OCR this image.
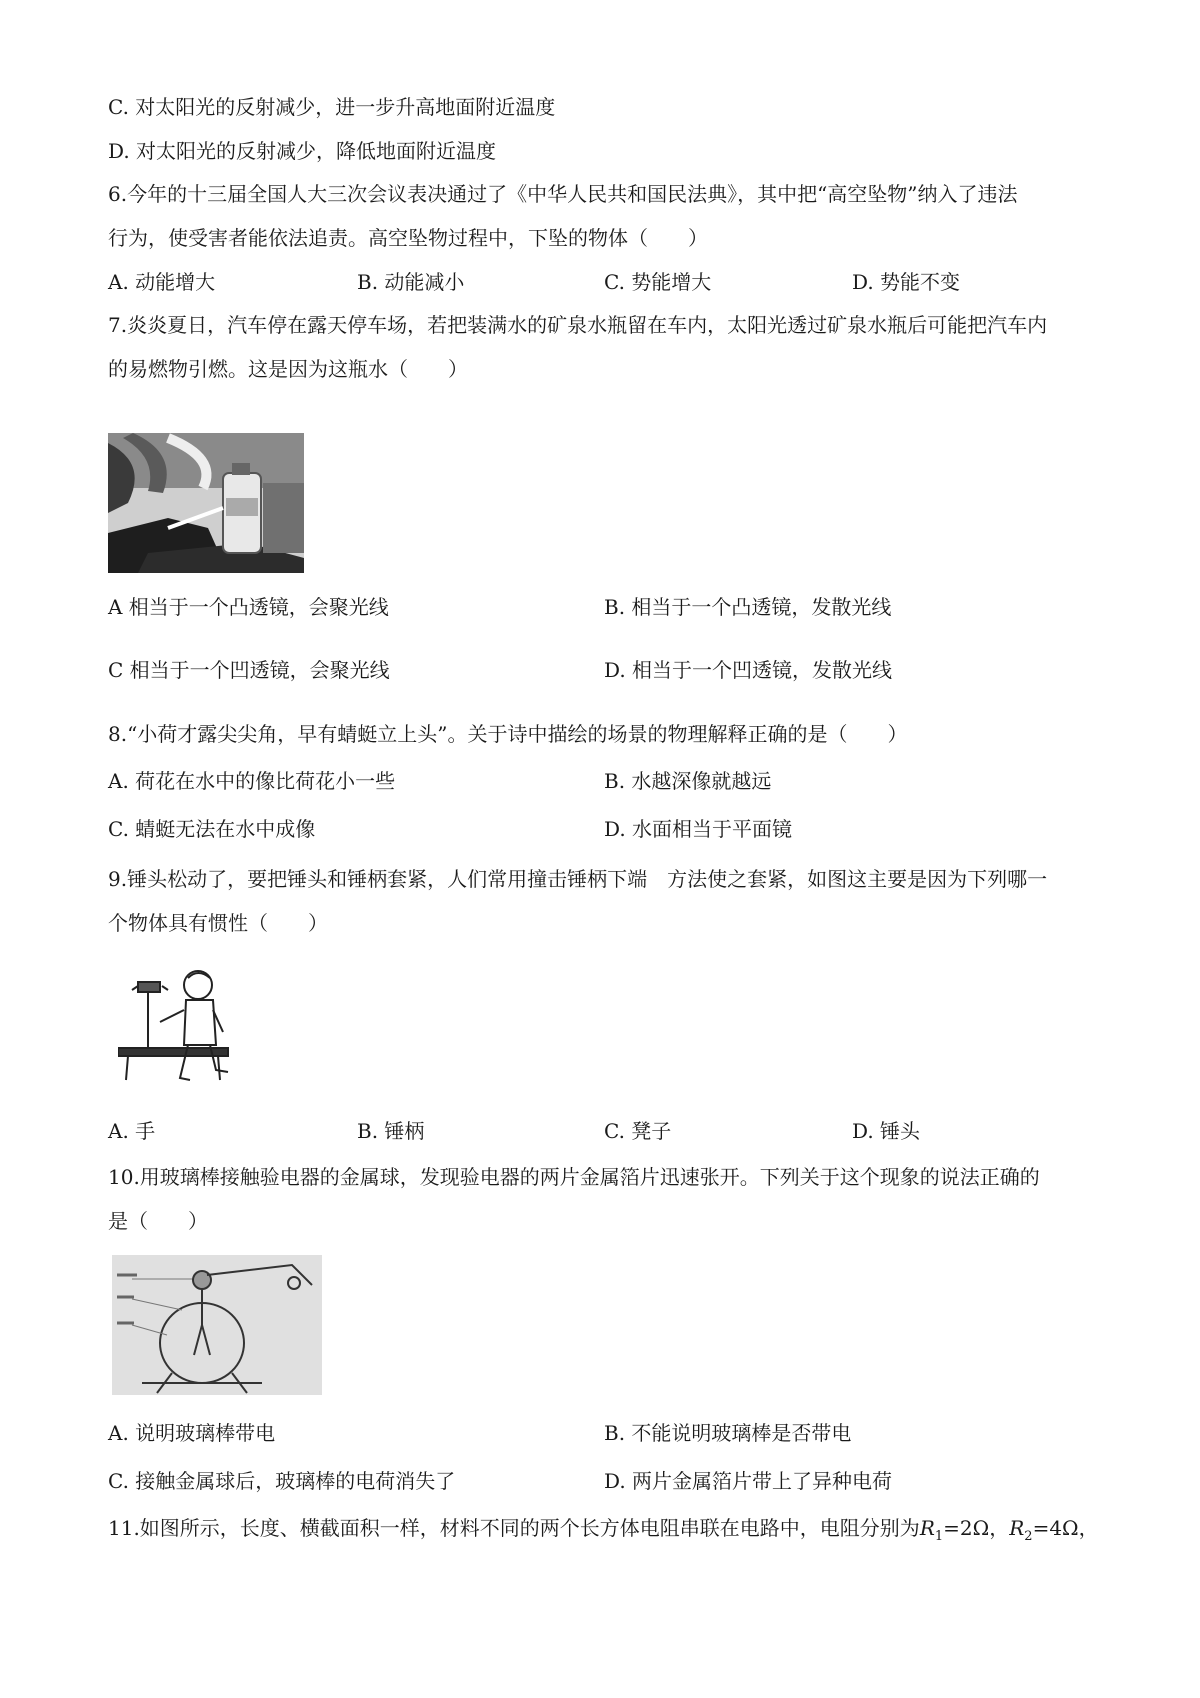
C. 对太阳光的反射减少，进一步升高地面附近温度
D. 对太阳光的反射减少，降低地面附近温度
6.今年的十三届全国人大三次会议表决通过了《中华人民共和国民法典》，其中把“高空坠物”纳入了违法
行为，使受害者能依法追责。高空坠物过程中，下坠的物体（　　）
A. 动能增大	B. 动能减小	C. 势能增大	D. 势能不变
7.炎炎夏日，汽车停在露天停车场，若把装满水的矿泉水瓶留在车内，太阳光透过矿泉水瓶后可能把汽车内
的易燃物引燃。这是因为这瓶水（　　）
A 相当于一个凸透镜，会聚光线	B. 相当于一个凸透镜，发散光线
C 相当于一个凹透镜，会聚光线	D. 相当于一个凹透镜，发散光线
8.“小荷才露尖尖角，早有蜻蜓立上头”。关于诗中描绘的场景的物理解释正确的是（　　）
A. 荷花在水中的像比荷花小一些	B. 水越深像就越远
C. 蜻蜓无法在水中成像	D. 水面相当于平面镜
9.锤头松动了，要把锤头和锤柄套紧，人们常用撞击锤柄下端　方法使之套紧，如图这主要是因为下列哪一
个物体具有惯性（　　）
A. 手	B. 锤柄	C. 凳子	D. 锤头
10.用玻璃棒接触验电器的金属球，发现验电器的两片金属箔片迅速张开。下列关于这个现象的说法正确的
是（　　）
A. 说明玻璃棒带电	B. 不能说明玻璃棒是否带电
C. 接触金属球后，玻璃棒的电荷消失了	D. 两片金属箔片带上了异种电荷
11.如图所示，长度、横截面积一样，材料不同的两个长方体电阻串联在电路中，电阻分别为$R_1=2\Omega$，$R_2=4\Omega$，
